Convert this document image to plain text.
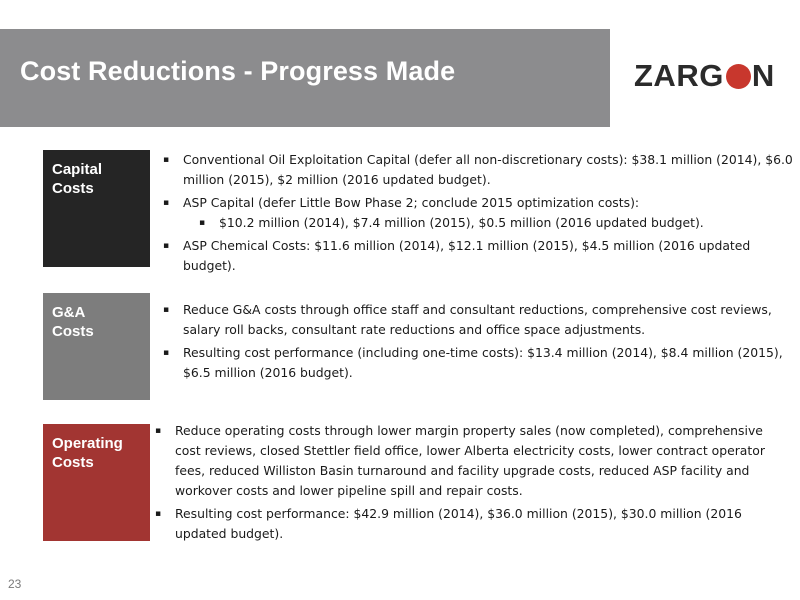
Cost Reductions - Progress Made	ZARG N
Capital
Costs
▪ Conventional Oil Exploitation Capital (defer all non-discretionary costs): $38.1 million (2014), $6.0 million (2015), $2 million (2016 updated budget).
▪ ASP Capital (defer Little Bow Phase 2; conclude 2015 optimization costs):
▪ $10.2 million (2014), $7.4 million (2015), $0.5 million (2016 updated budget).
▪ ASP Chemical Costs: $11.6 million (2014), $12.1 million (2015), $4.5 million (2016 updated budget).
G&A
Costs
▪ Reduce G&A costs through office staff and consultant reductions, comprehensive cost reviews, salary roll backs, consultant rate reductions and office space adjustments.
▪ Resulting cost performance (including one-time costs): $13.4 million (2014), $8.4 million (2015), $6.5 million (2016 budget).
Operating
Costs
▪ Reduce operating costs through lower margin property sales (now completed), comprehensive cost reviews, closed Stettler field office, lower Alberta electricity costs, lower contract operator fees, reduced Williston Basin turnaround and facility upgrade costs, reduced ASP facility and workover costs and lower pipeline spill and repair costs.
▪ Resulting cost performance: $42.9 million (2014), $36.0 million (2015), $30.0 million (2016 updated budget).
23
